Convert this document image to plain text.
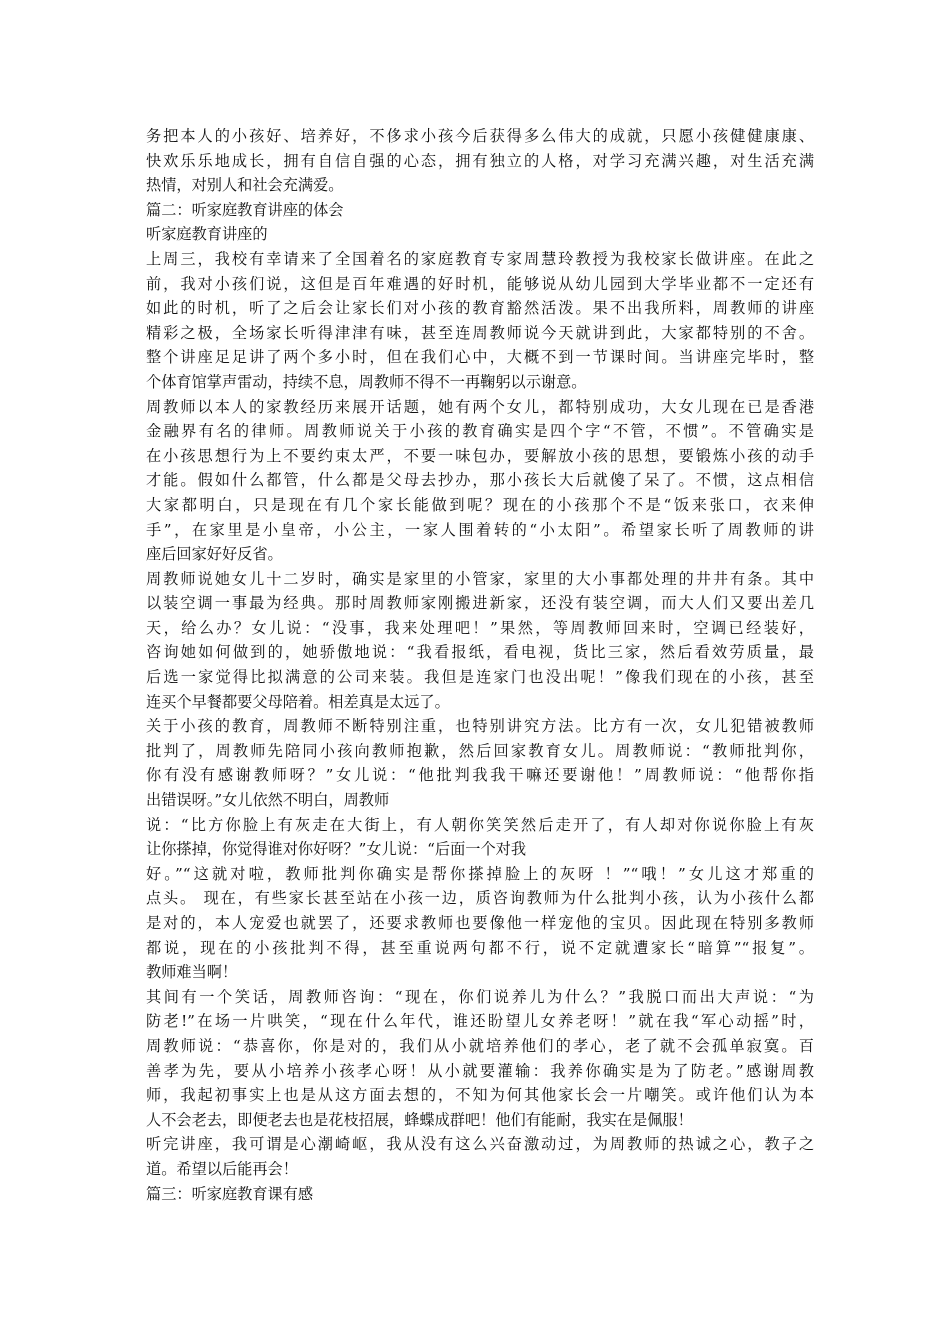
务把本人的小孩好、培养好，不侈求小孩今后获得多么伟大的成就，只愿小孩健健康康、
快欢乐乐地成长，拥有自信自强的心态，拥有独立的人格，对学习充满兴趣，对生活充满
热情，对别人和社会充满爱。
篇二：听家庭教育讲座的体会
听家庭教育讲座的
上周三，我校有幸请来了全国着名的家庭教育专家周慧玲教授为我校家长做讲座。在此之
前，我对小孩们说，这但是百年难遇的好时机，能够说从幼儿园到大学毕业都不一定还有
如此的时机，听了之后会让家长们对小孩的教育豁然活泼。果不出我所料，周教师的讲座
精彩之极，全场家长听得津津有味，甚至连周教师说今天就讲到此，大家都特别的不舍。
整个讲座足足讲了两个多小时，但在我们心中，大概不到一节课时间。当讲座完毕时，整
个体育馆掌声雷动，持续不息，周教师不得不一再鞠躬以示谢意。
周教师以本人的家教经历来展开话题，她有两个女儿，都特别成功，大女儿现在已是香港
金融界有名的律师。周教师说关于小孩的教育确实是四个字“不管，不惯”。不管确实是
在小孩思想行为上不要约束太严，不要一味包办，要解放小孩的思想，要锻炼小孩的动手
才能。假如什么都管，什么都是父母去抄办，那小孩长大后就傻了呆了。不惯，这点相信
大家都明白，只是现在有几个家长能做到呢？现在的小孩那个不是“饭来张口，衣来伸
手”，在家里是小皇帝，小公主，一家人围着转的“小太阳”。希望家长听了周教师的讲
座后回家好好反省。
周教师说她女儿十二岁时，确实是家里的小管家，家里的大小事都处理的井井有条。其中
以装空调一事最为经典。那时周教师家刚搬进新家，还没有装空调，而大人们又要出差几
天，给么办？女儿说：“没事，我来处理吧！”果然，等周教师回来时，空调已经装好，
咨询她如何做到的，她骄傲地说：“我看报纸，看电视，货比三家，然后看效劳质量，最
后选一家觉得比拟满意的公司来装。我但是连家门也没出呢！”像我们现在的小孩，甚至
连买个早餐都要父母陪着。相差真是太远了。
关于小孩的教育，周教师不断特别注重，也特别讲究方法。比方有一次，女儿犯错被教师
批判了，周教师先陪同小孩向教师抱歉，然后回家教育女儿。周教师说：“教师批判你，
你有没有感谢教师呀？”女儿说：“他批判我我干嘛还要谢他！”周教师说：“他帮你指
出错误呀。”女儿依然不明白，周教师
说：“比方你脸上有灰走在大街上，有人朝你笑笑然后走开了，有人却对你说你脸上有灰
让你搽掉，你觉得谁对你好呀？”女儿说：“后面一个对我
好。”“这就对啦，教师批判你确实是帮你搽掉脸上的灰呀 ！”“哦！”女儿这才郑重的
点头。 现在，有些家长甚至站在小孩一边，质咨询教师为什么批判小孩，认为小孩什么都
是对的，本人宠爱也就罢了，还要求教师也要像他一样宠他的宝贝。因此现在特别多教师
都说，现在的小孩批判不得，甚至重说两句都不行，说不定就遭家长“暗算”“报复”。
教师难当啊！
其间有一个笑话，周教师咨询：“现在，你们说养儿为什么？”我脱口而出大声说：“为
防老!”在场一片哄笑，“现在什么年代，谁还盼望儿女养老呀！”就在我“军心动摇”时，
周教师说：“恭喜你，你是对的，我们从小就培养他们的孝心，老了就不会孤单寂寞。百
善孝为先，要从小培养小孩孝心呀！从小就要灌输：我养你确实是为了防老。”感谢周教
师，我起初事实上也是从这方面去想的，不知为何其他家长会一片嘲笑。或许他们认为本
人不会老去，即便老去也是花枝招展，蜂蝶成群吧！他们有能耐，我实在是佩服！
听完讲座，我可谓是心潮崎岖，我从没有这么兴奋激动过，为周教师的热诚之心，教子之
道。希望以后能再会！
篇三：听家庭教育课有感
